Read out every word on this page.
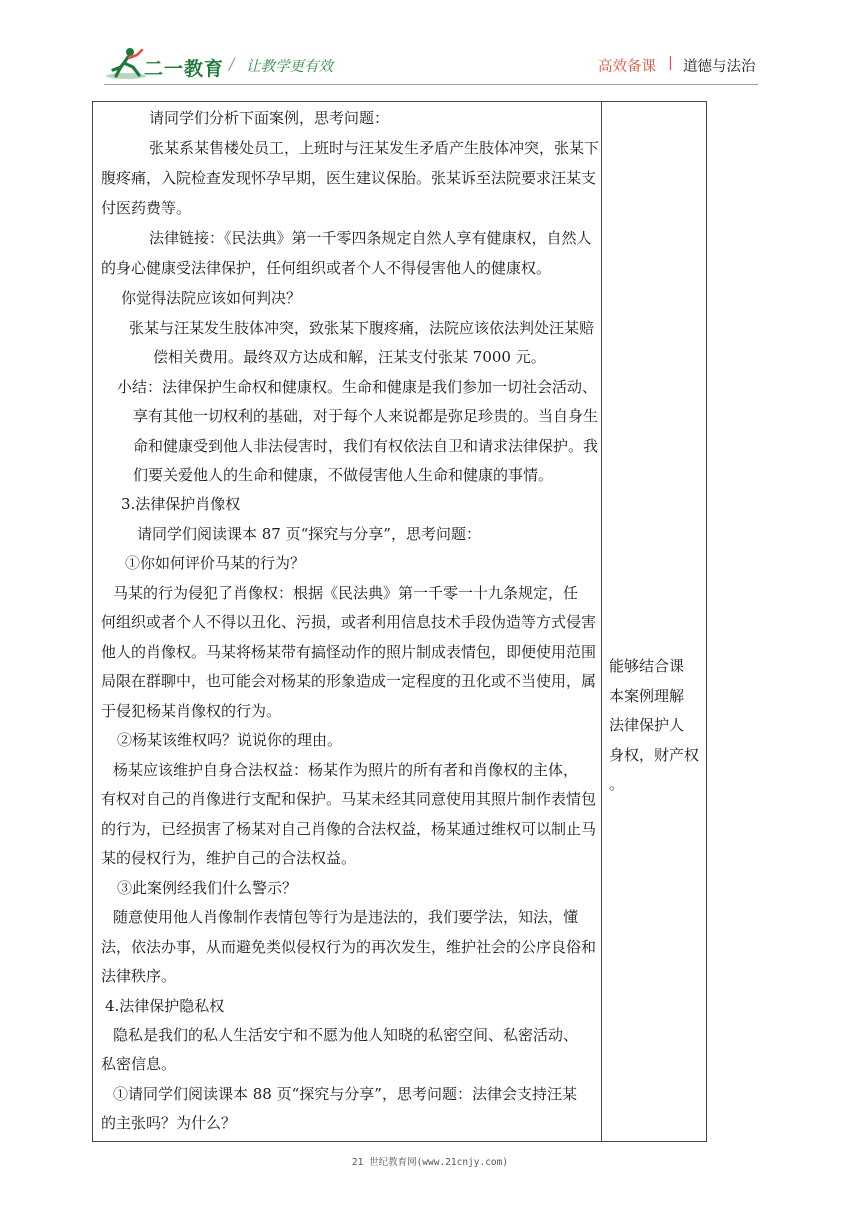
二一教育 / 让教学更有效	高效备课 | 道德与法治
请同学们分析下面案例，思考问题：
张某系某售楼处员工，上班时与汪某发生矛盾产生肢体冲突，张某下
腹疼痛，入院检查发现怀孕早期，医生建议保胎。张某诉至法院要求汪某支
付医药费等。
法律链接：《民法典》第一千零四条规定自然人享有健康权，自然人
的身心健康受法律保护，任何组织或者个人不得侵害他人的健康权。
你觉得法院应该如何判决？
张某与汪某发生肢体冲突，致张某下腹疼痛，法院应该依法判处汪某赔
偿相关费用。最终双方达成和解，汪某支付张某 7000 元。
小结：法律保护生命权和健康权。生命和健康是我们参加一切社会活动、
享有其他一切权利的基础，对于每个人来说都是弥足珍贵的。当自身生
命和健康受到他人非法侵害时，我们有权依法自卫和请求法律保护。我
们要关爱他人的生命和健康，不做侵害他人生命和健康的事情。
3.法律保护肖像权
请同学们阅读课本 87 页“探究与分享”，思考问题：
①你如何评价马某的行为？
马某的行为侵犯了肖像权：根据《民法典》第一千零一十九条规定，任
何组织或者个人不得以丑化、污损，或者利用信息技术手段伪造等方式侵害
他人的肖像权。马某将杨某带有搞怪动作的照片制成表情包，即便使用范围
局限在群聊中，也可能会对杨某的形象造成一定程度的丑化或不当使用，属
于侵犯杨某肖像权的行为。
②杨某该维权吗？说说你的理由。
杨某应该维护自身合法权益：杨某作为照片的所有者和肖像权的主体，
有权对自己的肖像进行支配和保护。马某未经其同意使用其照片制作表情包
的行为，已经损害了杨某对自己肖像的合法权益，杨某通过维权可以制止马
某的侵权行为，维护自己的合法权益。
③此案例经我们什么警示？
随意使用他人肖像制作表情包等行为是违法的，我们要学法，知法，懂
法，依法办事，从而避免类似侵权行为的再次发生，维护社会的公序良俗和
法律秩序。
4.法律保护隐私权
隐私是我们的私人生活安宁和不愿为他人知晓的私密空间、私密活动、
私密信息。
①请同学们阅读课本 88 页“探究与分享”，思考问题：法律会支持汪某
的主张吗？为什么？
能够结合课
本案例理解
法律保护人
身权，财产权
。
21 世纪教育网(www.21cnjy.com)
